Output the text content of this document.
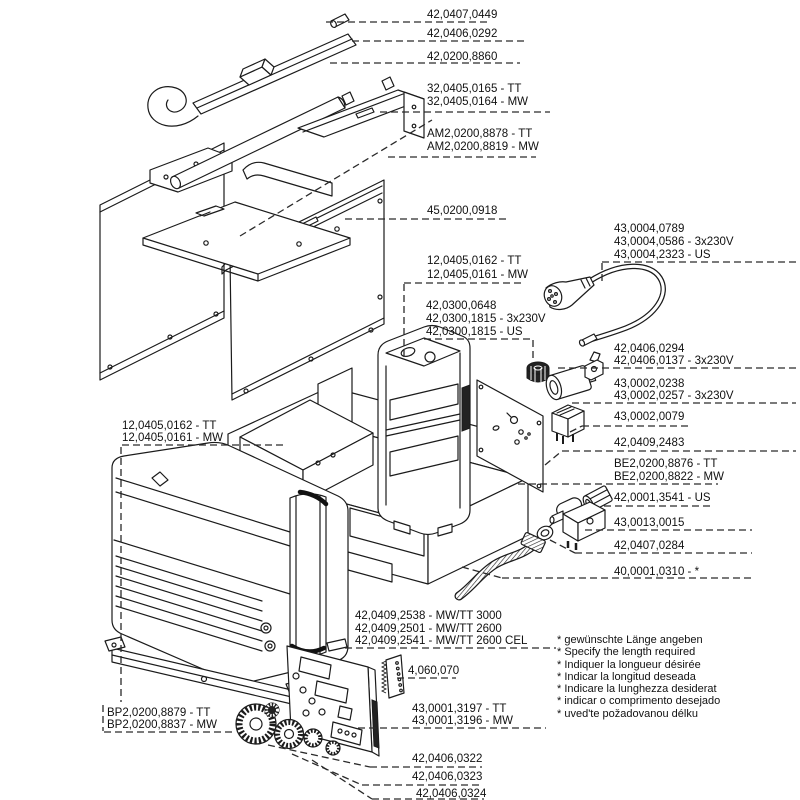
42,0407,0449
42,0406,0292
42,0200,8860
32,0405,0165 - TT
32,0405,0164 - MW
AM2,0200,8878 - TT
AM2,0200,8819 - MW
45,0200,0918
43,0004,0789
43,0004,0586 - 3x230V
43,0004,2323 - US
12,0405,0162 - TT
12,0405,0161 - MW
42,0300,0648
42,0300,1815 - 3x230V
42,0300,1815 - US
42,0406,0294
42,0406,0137 - 3x230V
43,0002,0238
43,0002,0257 - 3x230V
43,0002,0079
42,0409,2483
BE2,0200,8876 - TT
BE2,0200,8822 - MW
42,0001,3541 - US
43,0013,0015
42,0407,0284
40,0001,0310 - *
12,0405,0162 - TT
12,0405,0161 - MW
42,0409,2538 - MW/TT 3000
42,0409,2501 - MW/TT 2600
42,0409,2541 - MW/TT 2600 CEL
4,060,070
43,0001,3197 - TT
43,0001,3196 - MW
BP2,0200,8879 - TT
BP2,0200,8837 - MW
42,0406,0322
42,0406,0323
42,0406,0324
* gewünschte Länge angeben
* Specify the length required
* Indiquer la longueur désirée
* Indicar la longitud deseada
* Indicare la lunghezza desiderat
* indicar o comprimento desejado
* uved'te požadovanou délku
